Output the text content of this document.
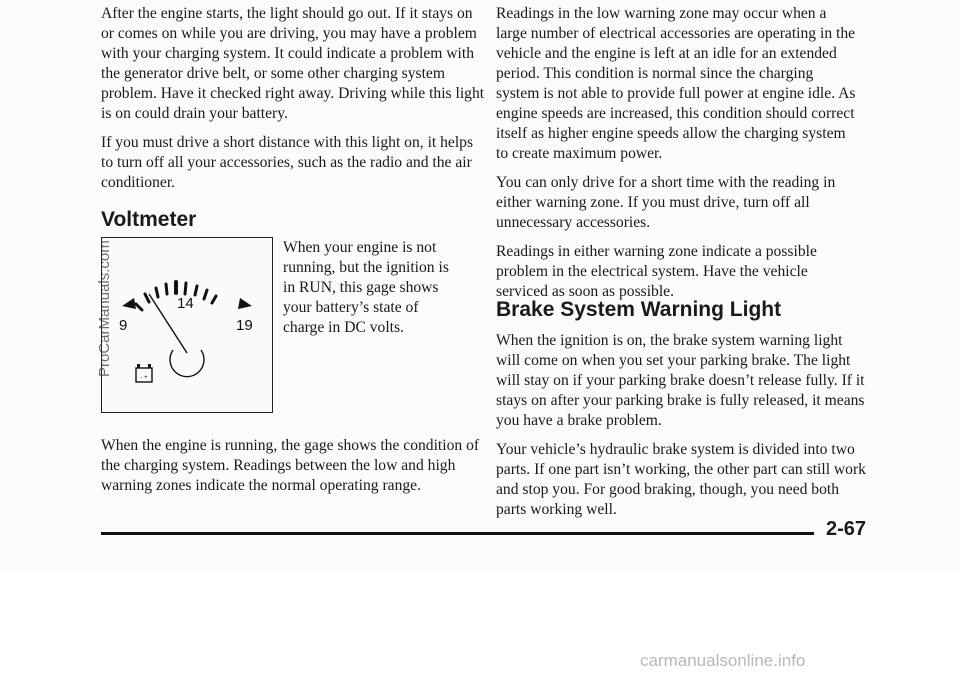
After the engine starts, the light should go out. If it stays on or comes on while you are driving, you may have a problem with your charging system. It could indicate a problem with the generator drive belt, or some other charging system problem. Have it checked right away. Driving while this light is on could drain your battery.

If you must drive a short distance with this light on, it helps to turn off all your accessories, such as the radio and the air conditioner.

Voltmeter
14
9	19
- +
When your engine is not running, but the ignition is in RUN, this gage shows your battery’s state of charge in DC volts.

When the engine is running, the gage shows the condition of the charging system. Readings between the low and high warning zones indicate the normal operating range.

Readings in the low warning zone may occur when a large number of electrical accessories are operating in the vehicle and the engine is left at an idle for an extended period. This condition is normal since the charging system is not able to provide full power at engine idle. As engine speeds are increased, this condition should correct itself as higher engine speeds allow the charging system to create maximum power.

You can only drive for a short time with the reading in either warning zone. If you must drive, turn off all unnecessary accessories.

Readings in either warning zone indicate a possible problem in the electrical system. Have the vehicle serviced as soon as possible.

Brake System Warning Light

When the ignition is on, the brake system warning light will come on when you set your parking brake. The light will stay on if your parking brake doesn’t release fully. If it stays on after your parking brake is fully released, it means you have a brake problem.

Your vehicle’s hydraulic brake system is divided into two parts. If one part isn’t working, the other part can still work and stop you. For good braking, though, you need both parts working well.

2-67
ProCarManuals.com
carmanualsonline.info
